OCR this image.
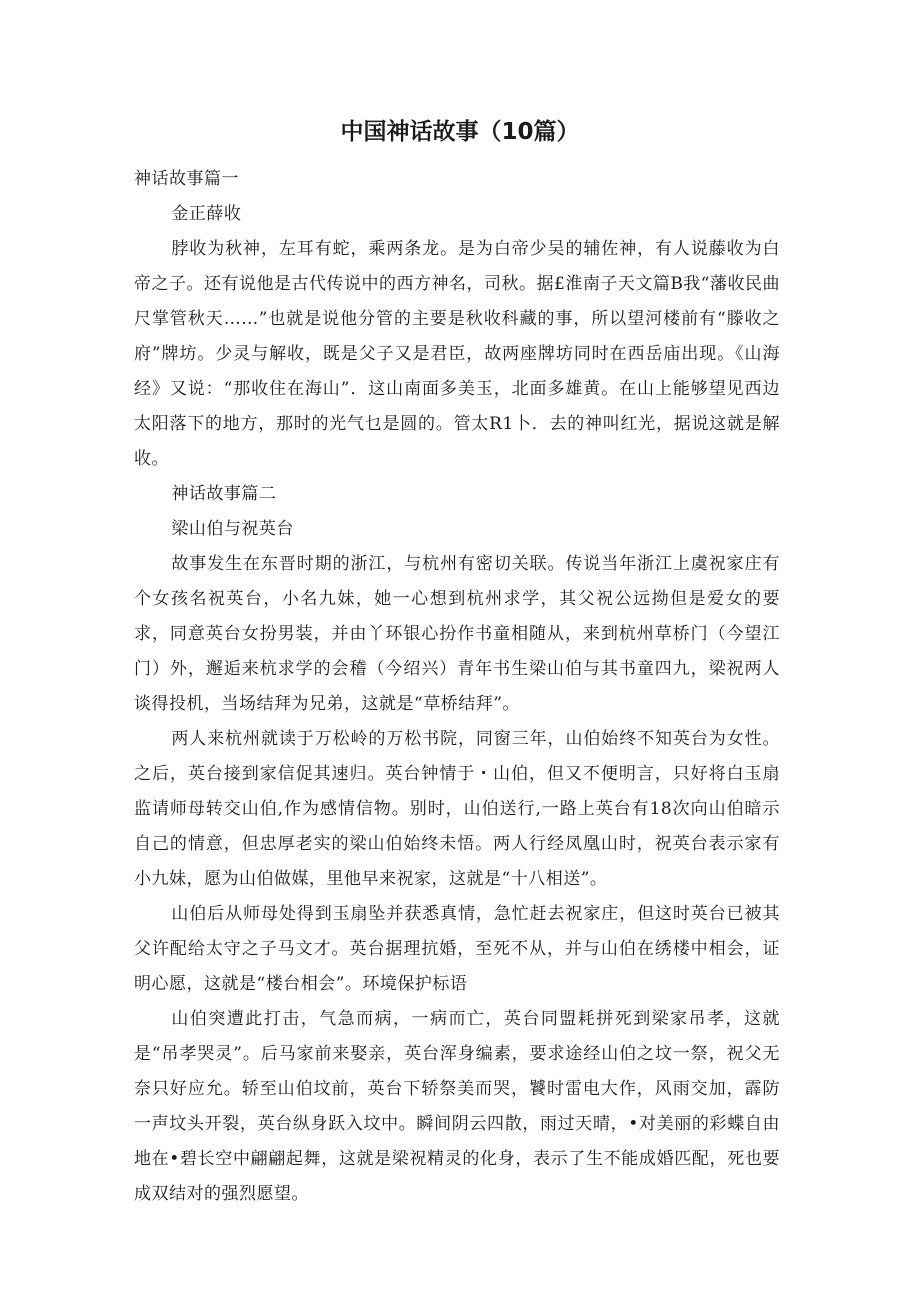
中国神话故事（10篇）

神话故事篇一

金正薛收

脖收为秋神，左耳有蛇，乘两条龙。是为白帝少吴的辅佐神，有人说藤收为白帝之子。还有说他是古代传说中的西方神名，司秋。据£淮南子天文篇B我“藩收民曲尺掌管秋天……”也就是说他分管的主要是秋收科藏的事，所以望河楼前有“滕收之府”牌坊。少灵与解收，既是父子又是君臣，故两座牌坊同时在西岳庙出现。《山海经》又说：“那收住在海山”．这山南面多美玉，北面多雄黄。在山上能够望见西边太阳落下的地方，那时的光气乜是圆的。管太R1卜．去的神叫红光，据说这就是解收。

神话故事篇二

梁山伯与祝英台

故事发生在东晋时期的浙江，与杭州有密切关联。传说当年浙江上虞祝家庄有个女孩名祝英台，小名九妹，她一心想到杭州求学，其父祝公远拗但是爱女的要求，同意英台女扮男装，并由丫环银心扮作书童相随从，来到杭州草桥门（今望江门）外，邂逅来杭求学的会稽（今绍兴）青年书生梁山伯与其书童四九，梁祝两人谈得投机，当场结拜为兄弟，这就是“草桥结拜”。

两人来杭州就读于万松岭的万松书院，同窗三年，山伯始终不知英台为女性。之后，英台接到家信促其速归。英台钟情于・山伯，但又不便明言，只好将白玉扇监请师母转交山伯,作为感情信物。别时，山伯送行,一路上英台有18次向山伯暗示自己的情意，但忠厚老实的梁山伯始终未悟。两人行经凤凰山时，祝英台表示家有小九妹，愿为山伯做媒，里他早来祝家，这就是“十八相送”。

山伯后从师母处得到玉扇坠并获悉真情，急忙赶去祝家庄，但这时英台已被其父许配给太守之子马文才。英台据理抗婚，至死不从，并与山伯在绣楼中相会，证明心愿，这就是“楼台相会”。环境保护标语

山伯突遭此打击，气急而病，一病而亡，英台同盟耗拼死到梁家吊孝，这就是“吊孝哭灵”。后马家前来娶亲，英台浑身编素，要求途经山伯之坟一祭，祝父无奈只好应允。轿至山伯坟前，英台下轿祭美而哭，饕时雷电大作，风雨交加，霹防一声坟头开裂，英台纵身跃入坟中。瞬间阴云四散，雨过天晴，•对美丽的彩蝶自由地在•碧长空中翩翩起舞，这就是梁祝精灵的化身，表示了生不能成婚匹配，死也要成双结对的强烈愿望。
